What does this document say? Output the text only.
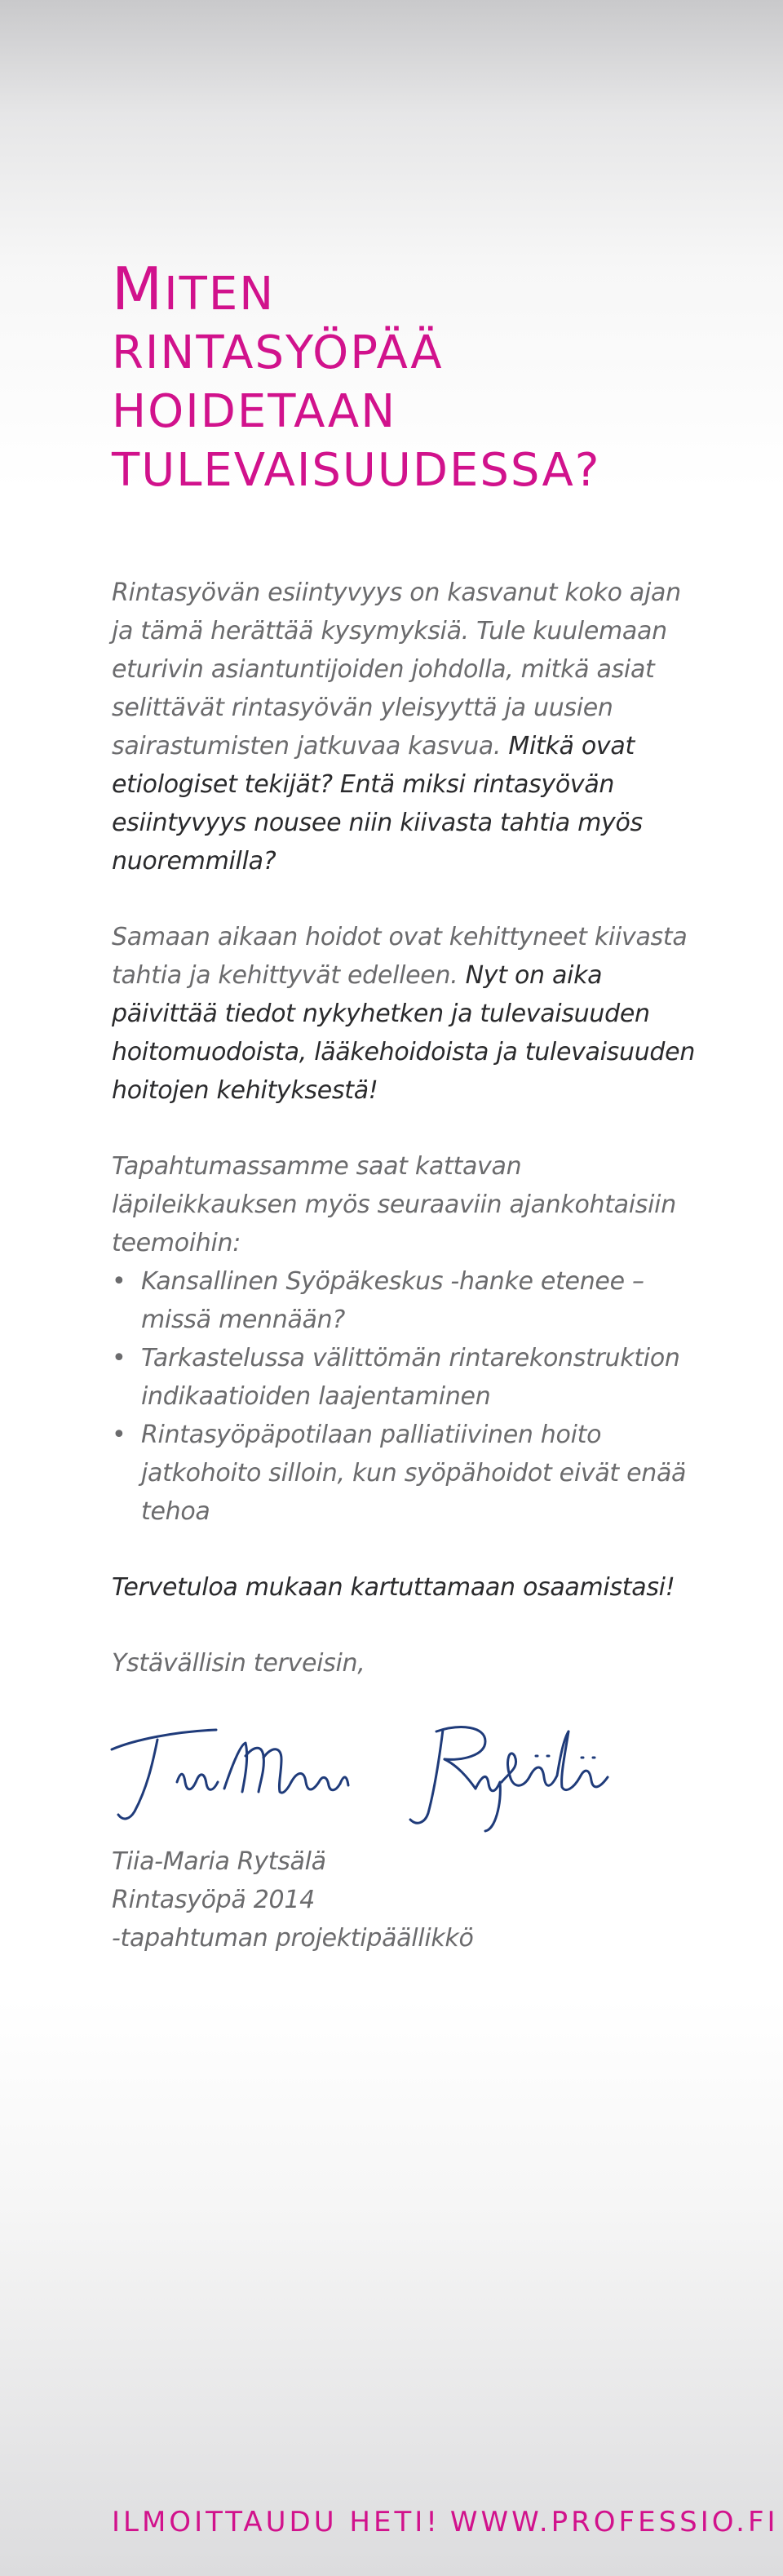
MITEN
RINTASYÖPÄÄ
HOIDETAAN
TULEVAISUUDESSA?

Rintasyövän esiintyvyys on kasvanut koko ajan ja tämä herättää kysymyksiä. Tule kuulemaan eturivin asiantuntijoiden johdolla, mitkä asiat selittävät rintasyövän yleisyyttä ja uusien sairastumisten jatkuvaa kasvua. Mitkä ovat etiologiset tekijät? Entä miksi rintasyövän esiintyvyys nousee niin kiivasta tahtia myös nuoremmilla?

Samaan aikaan hoidot ovat kehittyneet kiivasta tahtia ja kehittyvät edelleen. Nyt on aika päivittää tiedot nykyhetken ja tulevaisuuden hoitomuodoista, lääkehoidoista ja tulevaisuuden hoitojen kehityksestä!

Tapahtumassamme saat kattavan läpileikkauksen myös seuraaviin ajankohtaisiin teemoihin:

• Kansallinen Syöpäkeskus -hanke etenee – missä mennään?
• Tarkastelussa välittömän rintarekonstruktion indikaatioiden laajentaminen
• Rintasyöpäpotilaan palliatiivinen hoito jatkohoito silloin, kun syöpähoidot eivät enää tehoa

Tervetuloa mukaan kartuttamaan osaamistasi!

Ystävällisin terveisin,

Tiia-Maria Rytsälä
Rintasyöpä 2014
-tapahtuman projektipäällikkö

ILMOITTAUDU HETI! WWW.PROFESSIO.FI
